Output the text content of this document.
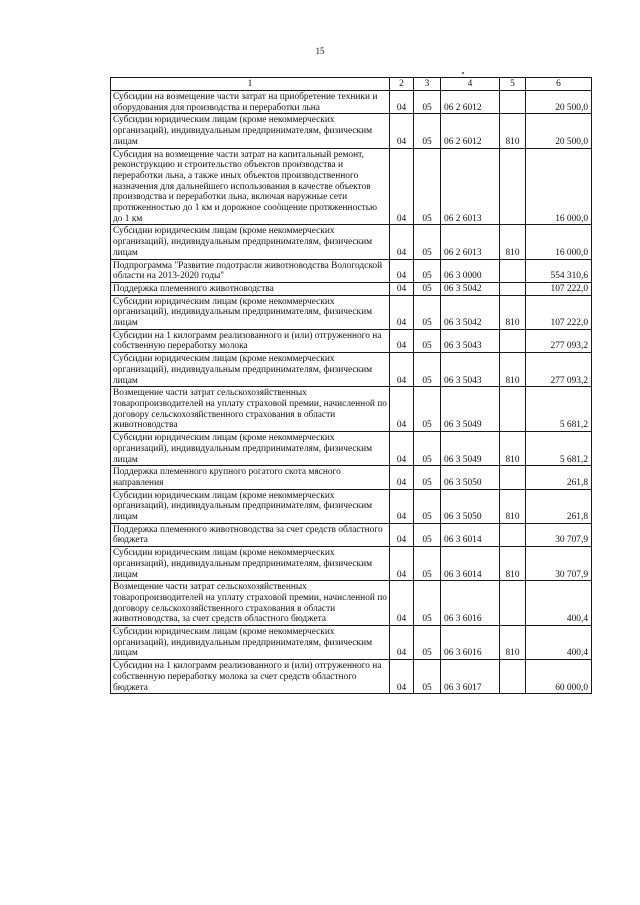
15
1	2	3	4	5	6
Субсидии на возмещение части затрат на приобретение техники и оборудования для производства и переработки льна	04	05	06 2 6012		20 500,0
Субсидии юридическим лицам (кроме некоммерческих организаций), индивидуальным предпринимателям, физическим лицам	04	05	06 2 6012	810	20 500,0
Субсидия на возмещение части затрат на капитальный ремонт, реконструкцию и строительство объектов производства и переработки льна, а также иных объектов производственного назначения для дальнейшего использования в качестве объектов производства и переработки льна, включая наружные сети протяженностью до 1 км и дорожное сооöщение протяженностью до 1 км	04	05	06 2 6013		16 000,0
Субсидии юридическим лицам (кроме некоммерческих организаций), индивидуальным предпринимателям, физическим лицам	04	05	06 2 6013	810	16 000,0
Подпрограмма "Развитие подотрасли животноводства Вологодской области на 2013-2020 годы"	04	05	06 3 0000		554 310,6
Поддержка племенного животноводства	04	05	06 3 5042		107 222,0
Субсидии юридическим лицам (кроме некоммерческих организаций), индивидуальным предпринимателям, физическим лицам	04	05	06 3 5042	810	107 222,0
Субсидии на 1 килограмм реализованного и (или) отгруженного на собственную переработку молока	04	05	06 3 5043		277 093,2
Субсидии юридическим лицам (кроме некоммерческих организаций), индивидуальным предпринимателям, физическим лицам	04	05	06 3 5043	810	277 093,2
Возмещение части затрат сельскохозяйственных товаропроизводителей на уплату страховой премии, начисленной по договору сельскохозяйственного страхования в области животноводства	04	05	06 3 5049		5 681,2
Субсидии юридическим лицам (кроме некоммерческих организаций), индивидуальным предпринимателям, физическим лицам	04	05	06 3 5049	810	5 681,2
Поддержка племенного крупного рогатого скота мясного направления	04	05	06 3 5050		261,8
Субсидии юридическим лицам (кроме некоммерческих организаций), индивидуальным предпринимателям, физическим лицам	04	05	06 3 5050	810	261,8
Поддержка племенного животноводства за счет средств областного бюджета	04	05	06 3 6014		30 707,9
Субсидии юридическим лицам (кроме некоммерческих организаций), индивидуальным предпринимателям, физическим лицам	04	05	06 3 6014	810	30 707,9
Возмещение части затрат сельскохозяйственных товаропроизводителей на уплату страховой премии, начисленной по договору сельскохозяйственного страхования в области животноводства, за счет средств областного бюджета	04	05	06 3 6016		400,4
Субсидии юридическим лицам (кроме некоммерческих организаций), индивидуальным предпринимателям, физическим лицам	04	05	06 3 6016	810	400,4
Субсидии на 1 килограмм реализованного и (или) отгруженного на собственную переработку молока за счет средств областного бюджета	04	05	06 3 6017		60 000,0
